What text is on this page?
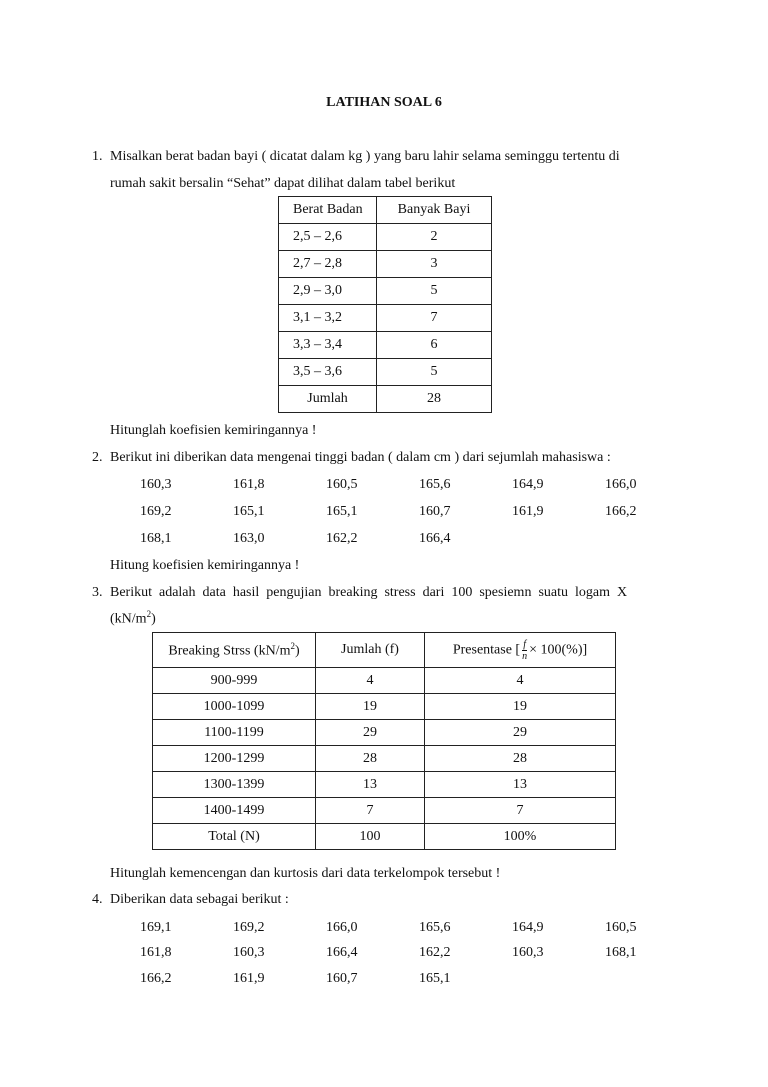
LATIHAN SOAL 6
1. Misalkan berat badan bayi ( dicatat dalam kg ) yang baru lahir selama seminggu tertentu di
rumah sakit bersalin “Sehat” dapat dilihat dalam tabel berikut
Berat Badan	Banyak Bayi
2,5 – 2,6	2
2,7 – 2,8	3
2,9 – 3,0	5
3,1 – 3,2	7
3,3 – 3,4	6
3,5 – 3,6	5
Jumlah	28
Hitunglah koefisien kemiringannya !
2. Berikut ini diberikan data mengenai tinggi badan ( dalam cm ) dari sejumlah mahasiswa :
160,3	161,8	160,5	165,6	164,9	166,0
169,2	165,1	165,1	160,7	161,9	166,2
168,1	163,0	162,2	166,4
Hitung koefisien kemiringannya !
3. Berikut  adalah  data  hasil  pengujian  breaking  stress  dari  100  spesiemn  suatu  logam  X
$(kN/m^2)$
Breaking Strss $(kN/m^2)$	Jumlah (f)	Presentase [ $\frac{f}{n} \times 100(\%)$]
900-999	4	4
1000-1099	19	19
1100-1199	29	29
1200-1299	28	28
1300-1399	13	13
1400-1499	7	7
Total (N)	100	100%
Hitunglah kemencengan dan kurtosis dari data terkelompok tersebut !
4. Diberikan data sebagai berikut :
169,1	169,2	166,0	165,6	164,9	160,5
161,8	160,3	166,4	162,2	160,3	168,1
166,2	161,9	160,7	165,1
